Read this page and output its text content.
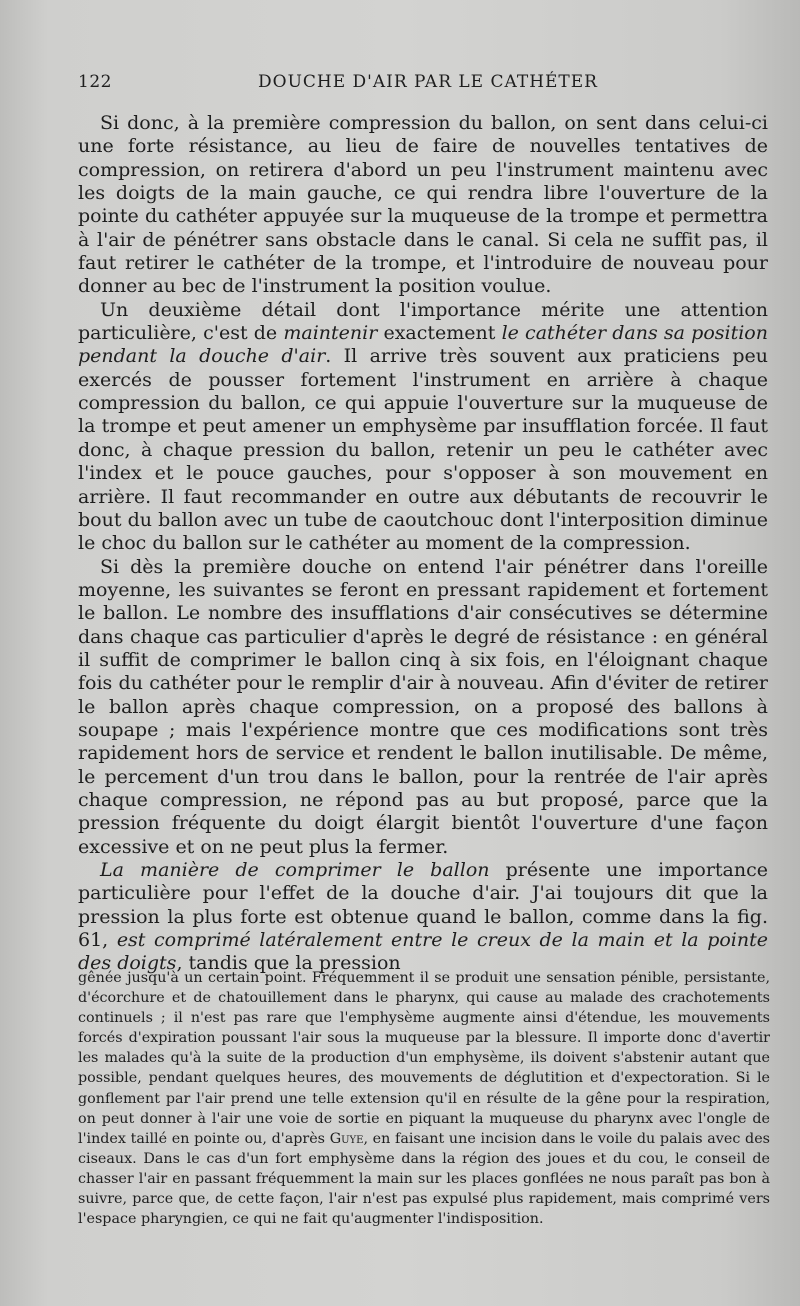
122	DOUCHE D'AIR PAR LE CATHÉTER

Si donc, à la première compression du ballon, on sent dans celui-ci une forte résistance, au lieu de faire de nouvelles tentatives de compression, on retirera d'abord un peu l'instrument maintenu avec les doigts de la main gauche, ce qui rendra libre l'ouverture de la pointe du cathéter appuyée sur la muqueuse de la trompe et permettra à l'air de pénétrer sans obstacle dans le canal. Si cela ne suffit pas, il faut retirer le cathéter de la trompe, et l'introduire de nouveau pour donner au bec de l'instrument la position voulue.

Un deuxième détail dont l'importance mérite une attention particulière, c'est de maintenir exactement le cathéter dans sa position pendant la douche d'air. Il arrive très souvent aux praticiens peu exercés de pousser fortement l'instrument en arrière à chaque compression du ballon, ce qui appuie l'ouverture sur la muqueuse de la trompe et peut amener un emphysème par insufflation forcée. Il faut donc, à chaque pression du ballon, retenir un peu le cathéter avec l'index et le pouce gauches, pour s'opposer à son mouvement en arrière. Il faut recommander en outre aux débutants de recouvrir le bout du ballon avec un tube de caoutchouc dont l'interposition diminue le choc du ballon sur le cathéter au moment de la compression.

Si dès la première douche on entend l'air pénétrer dans l'oreille moyenne, les suivantes se feront en pressant rapidement et fortement le ballon. Le nombre des insufflations d'air consécutives se détermine dans chaque cas particulier d'après le degré de résistance : en général il suffit de comprimer le ballon cinq à six fois, en l'éloignant chaque fois du cathéter pour le remplir d'air à nouveau. Afin d'éviter de retirer le ballon après chaque compression, on a proposé des ballons à soupape ; mais l'expérience montre que ces modifications sont très rapidement hors de service et rendent le ballon inutilisable. De même, le percement d'un trou dans le ballon, pour la rentrée de l'air après chaque compression, ne répond pas au but proposé, parce que la pression fréquente du doigt élargit bientôt l'ouverture d'une façon excessive et on ne peut plus la fermer.

La manière de comprimer le ballon présente une importance particulière pour l'effet de la douche d'air. J'ai toujours dit que la pression la plus forte est obtenue quand le ballon, comme dans la fig. 61, est comprimé latéralement entre le creux de la main et la pointe des doigts, tandis que la pression

gênée jusqu'à un certain point. Fréquemment il se produit une sensation pénible, persistante, d'écorchure et de chatouillement dans le pharynx, qui cause au malade des crachotements continuels ; il n'est pas rare que l'emphysème augmente ainsi d'étendue, les mouvements forcés d'expiration poussant l'air sous la muqueuse par la blessure. Il importe donc d'avertir les malades qu'à la suite de la production d'un emphysème, ils doivent s'abstenir autant que possible, pendant quelques heures, des mouvements de déglutition et d'expectoration. Si le gonflement par l'air prend une telle extension qu'il en résulte de la gêne pour la respiration, on peut donner à l'air une voie de sortie en piquant la muqueuse du pharynx avec l'ongle de l'index taillé en pointe ou, d'après Guye, en faisant une incision dans le voile du palais avec des ciseaux. Dans le cas d'un fort emphysème dans la région des joues et du cou, le conseil de chasser l'air en passant fréquemment la main sur les places gonflées ne nous paraît pas bon à suivre, parce que, de cette façon, l'air n'est pas expulsé plus rapidement, mais comprimé vers l'espace pharyngien, ce qui ne fait qu'augmenter l'indisposition.
